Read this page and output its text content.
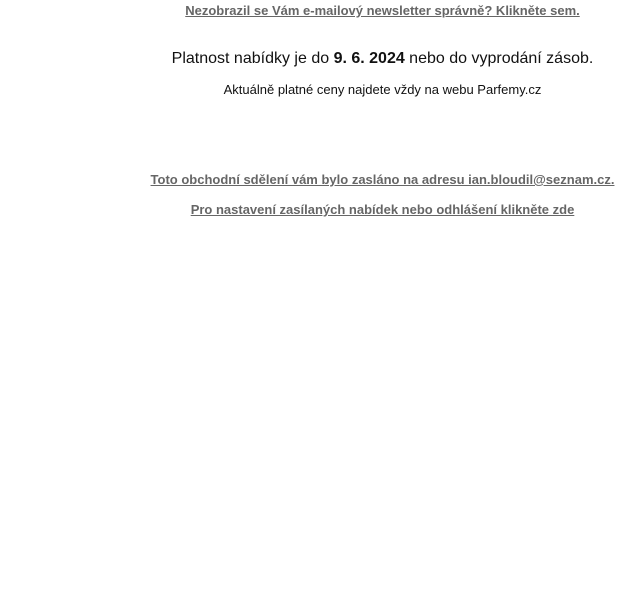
Nezobrazil se Vám e-mailový newsletter správně? Klikněte sem.
Platnost nabídky je do 9. 6. 2024 nebo do vyprodání zásob.
Aktuálně platné ceny najdete vždy na webu Parfemy.cz
Toto obchodní sdělení vám bylo zasláno na adresu ian.bloudil@seznam.cz.
Pro nastavení zasílaných nabídek nebo odhlášení klikněte zde
